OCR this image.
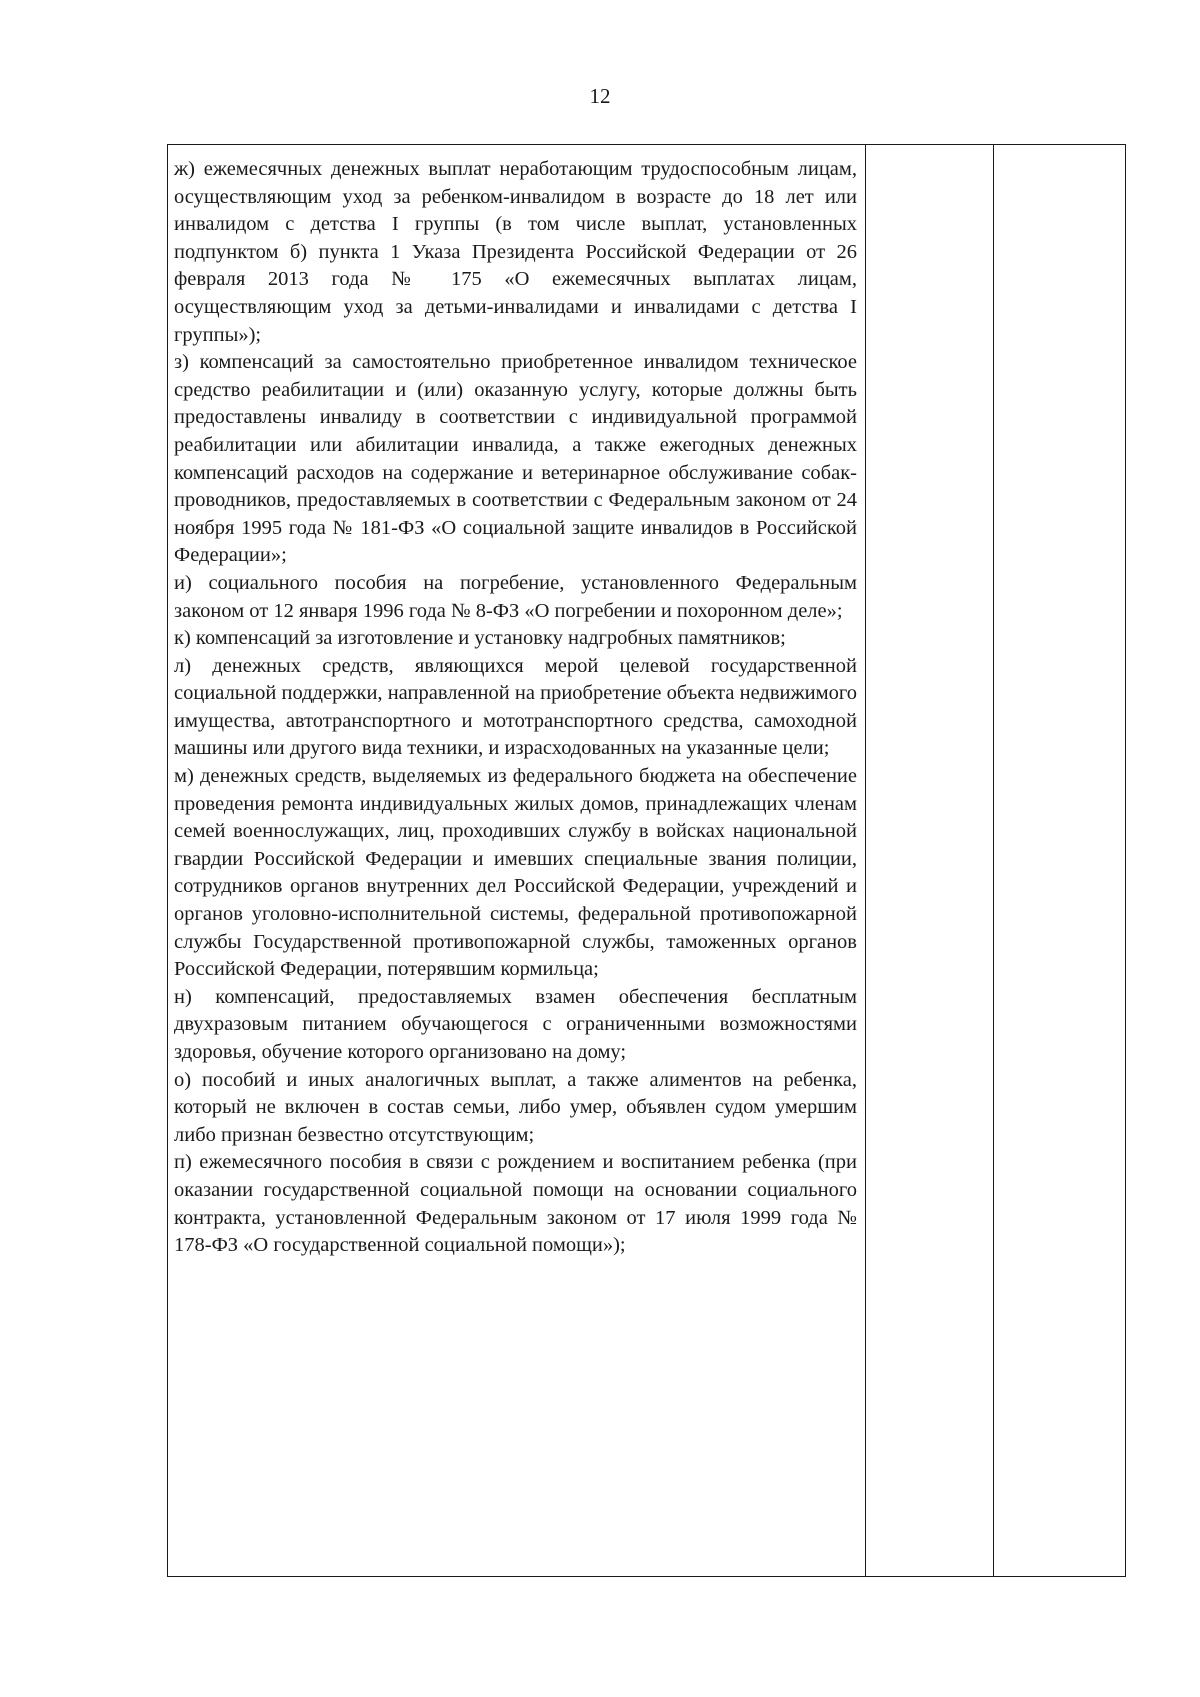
12

ж) ежемесячных денежных выплат неработающим трудоспособным лицам, осуществляющим уход за ребенком-инвалидом в возрасте до 18 лет или инвалидом с детства I группы (в том числе выплат, установленных подпунктом б) пункта 1 Указа Президента Российской Федерации от 26 февраля 2013 года № 175 «О ежемесячных выплатах лицам, осуществляющим уход за детьми-инвалидами и инвалидами с детства I группы»);

з) компенсаций за самостоятельно приобретенное инвалидом техническое средство реабилитации и (или) оказанную услугу, которые должны быть предоставлены инвалиду в соответствии с индивидуальной программой реабилитации или абилитации инвалида, а также ежегодных денежных компенсаций расходов на содержание и ветеринарное обслуживание собак-проводников, предоставляемых в соответствии с Федеральным законом от 24 ноября 1995 года № 181-ФЗ «О социальной защите инвалидов в Российской Федерации»;

и) социального пособия на погребение, установленного Федеральным законом от 12 января 1996 года № 8-ФЗ «О погребении и похоронном деле»;

к) компенсаций за изготовление и установку надгробных памятников;

л) денежных средств, являющихся мерой целевой государственной социальной поддержки, направленной на приобретение объекта недвижимого имущества, автотранспортного и мототранспортного средства, самоходной машины или другого вида техники, и израсходованных на указанные цели;

м) денежных средств, выделяемых из федерального бюджета на обеспечение проведения ремонта индивидуальных жилых домов, принадлежащих членам семей военнослужащих, лиц, проходивших службу в войсках национальной гвардии Российской Федерации и имевших специальные звания полиции, сотрудников органов внутренних дел Российской Федерации, учреждений и органов уголовно-исполнительной системы, федеральной противопожарной службы Государственной противопожарной службы, таможенных органов Российской Федерации, потерявшим кормильца;

н) компенсаций, предоставляемых взамен обеспечения бесплатным двухразовым питанием обучающегося с ограниченными возможностями здоровья, обучение которого организовано на дому;

о) пособий и иных аналогичных выплат, а также алиментов на ребенка, который не включен в состав семьи, либо умер, объявлен судом умершим либо признан безвестно отсутствующим;

п) ежемесячного пособия в связи с рождением и воспитанием ребенка (при оказании государственной социальной помощи на основании социального контракта, установленной Федеральным законом от 17 июля 1999 года № 178-ФЗ «О государственной социальной помощи»);
